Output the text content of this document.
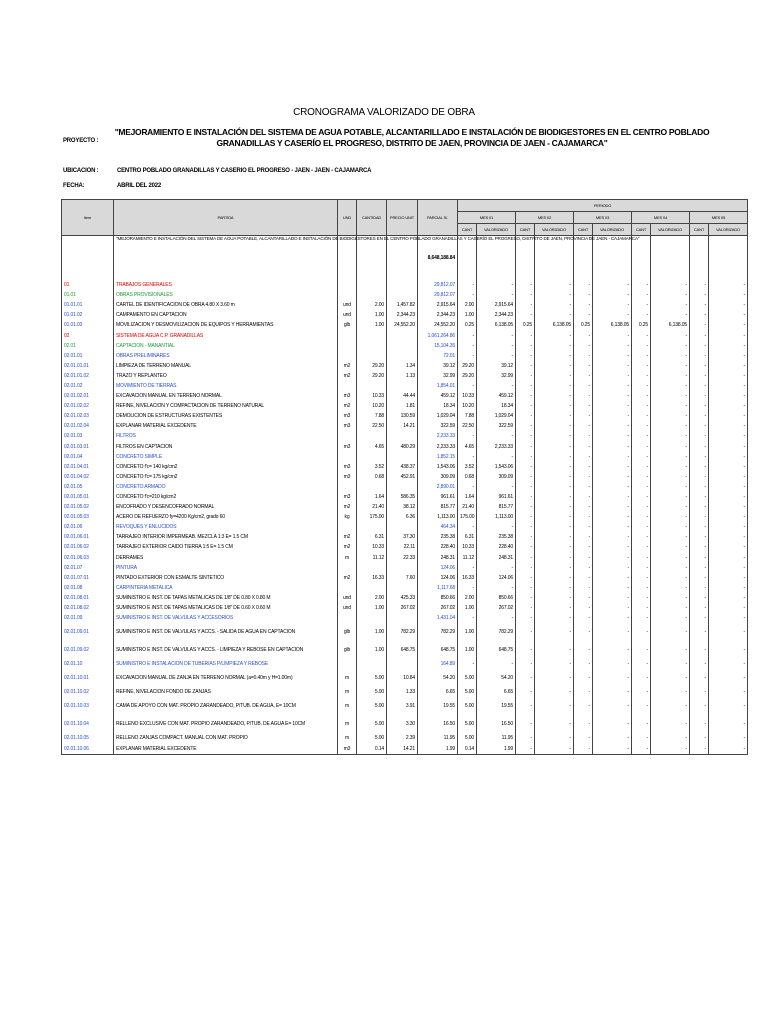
CRONOGRAMA VALORIZADO DE OBRA
PROYECTO :
"MEJORAMIENTO E INSTALACIÓN DEL SISTEMA DE AGUA POTABLE, ALCANTARILLADO E INSTALACIÓN DE BIODIGESTORES EN EL CENTRO POBLADO GRANADILLAS Y CASERÍO EL PROGRESO, DISTRITO DE JAEN, PROVINCIA DE JAEN - CAJAMARCA"
UBICACION :	CENTRO POBLADO GRANADILLAS Y CASERIO EL PROGRESO - JAEN - JAEN - CAJAMARCA
FECHA:	ABRIL DEL 2022
Item	PARTIDA	UND	CANTIDAD	PRECIO UNIT	PARCIAL S/.	PERIODO									
						MES 01		MES 02		MES 03		MES 04		MES 05	
						CANT	VALORIZADO	CANT	VALORIZADO	CANT	VALORIZADO	CANT	VALORIZADO	CANT	VALORIZADO
	"MEJORAMIENTO E INSTALACIÓN DEL SISTEMA DE AGUA POTABLE, ALCANTARILLADO E INSTALACIÓN DE BIODIGESTORES EN EL CENTRO POBLADO GRANADILLAS Y CASERÍO EL PROGRESO, DISTRITO DE JAEN, PROVINCIA DE JAEN - CAJAMARCA"				8,648,188.84										
01	TRABAJOS GENERALES				29,812.07	-	-	-	-	-	-	-	-	-	-
01.01	OBRAS PROVISIONALES				29,812.07	-	-	-	-	-	-	-	-	-	-
01.01.01	CARTEL DE IDENTIFICACION DE OBRA 4.80 X 3.60 m	und	2.00	1,457.82	2,915.64	2.00	2,915.64	-	-	-	-	-	-	-	-
01.01.02	CAMPAMENTO EN CAPTACION	und	1.00	2,344.23	2,344.23	1.00	2,344.23	-	-	-	-	-	-	-	-
01.01.03	MOVILIZACION Y DESMOVILIZACION DE EQUIPOS Y HERRAMIENTAS	glb	1.00	24,552.20	24,552.20	0.25	6,138.05	0.25	6,138.05	0.25	6,138.05	0.25	6,138.05	-	-
02	SISTEMA DE AGUA C.P. GRANADILLAS				1,061,264.86	-	-	-	-	-	-	-	-	-	-
02.01	CAPTACION - MANANTIAL				15,104.35	-	-	-	-	-	-	-	-	-	-
02.01.01	OBRAS PRELIMINARES				72.01	-	-	-	-	-	-	-	-	-	-
02.01.01.01	LIMPIEZA DE TERRENO MANUAL	m2	29.20	1.34	39.12	29.20	39.12	-	-	-	-	-	-	-	-
02.01.01.02	TRAZO Y REPLANTEO	m2	29.20	1.13	32.99	29.20	32.99	-	-	-	-	-	-	-	-
02.01.02	MOVIMIENTO DE TIERRAS				1,854.01	-	-	-	-	-	-	-	-	-	-
02.01.02.01	EXCAVACION MANUAL EN TERRENO NORMAL	m3	10.33	44.44	459.12	10.33	459.12	-	-	-	-	-	-	-	-
02.01.02.02	REFINE, NIVELACION Y COMPACTACION DE TERRENO NATURAL	m2	10.20	1.81	18.34	10.20	18.34	-	-	-	-	-	-	-	-
02.01.02.03	DEMOLICION DE ESTRUCTURAS EXISTENTES	m3	7.88	130.59	1,029.04	7.88	1,029.04	-	-	-	-	-	-	-	-
02.01.02.04	EXPLANAR MATERIAL EXCEDENTE	m3	22.50	14.21	322.59	22.50	322.59	-	-	-	-	-	-	-	-
02.01.03	FILTROS				2,233.33	-	-	-	-	-	-	-	-	-	-
02.01.03.01	FILTROS EN CAPTACION	m3	4.65	480.29	2,233.33	4.65	2,233.33	-	-	-	-	-	-	-	-
02.01.04	CONCRETO SIMPLE				1,852.15	-	-	-	-	-	-	-	-	-	-
02.01.04.01	CONCRETO f'c= 140 kg/cm2	m3	3.52	438.37	1,543.06	3.52	1,543.06	-	-	-	-	-	-	-	-
02.01.04.02	CONCRETO f'c= 175 kg/cm2	m3	0.68	452.91	309.09	0.68	309.09	-	-	-	-	-	-	-	-
02.01.05	CONCRETO ARMADO				2,890.01	-	-	-	-	-	-	-	-	-	-
02.01.05.01	CONCRETO f'c=210 kg/cm2	m3	1.64	586.35	961.61	1.64	961.61	-	-	-	-	-	-	-	-
02.01.05.02	ENCOFRADO Y DESENCOFRADO NORMAL	m2	21.40	38.12	815.77	21.40	815.77	-	-	-	-	-	-	-	-
02.01.05.03	ACERO DE REFUERZO fy=4200 Kg/cm2, grado 60	kg	175.00	6.36	1,113.00	175.00	1,113.00	-	-	-	-	-	-	-	-
02.01.06	REVOQUES Y ENLUCIDOS				464.34	-	-	-	-	-	-	-	-	-	-
02.01.06.01	TARRAJEO INTERIOR IMPERMEAB. MEZCLA 1:3 E= 1.5 CM	m2	6.31	37.30	235.38	6.31	235.38	-	-	-	-	-	-	-	-
02.01.06.02	TARRAJEO EXTERIOR CAIDO TIERRA 1:5 E= 1.5 CM	m2	10.33	22.11	228.40	10.33	228.40	-	-	-	-	-	-	-	-
02.01.06.03	DERRAMES	m	11.12	22.33	248.31	11.12	248.31	-	-	-	-	-	-	-	-
02.01.07	PINTURA				124.06	-	-	-	-	-	-	-	-	-	-
02.01.07.01	PINTADO EXTERIOR CON ESMALTE SINTETICO	m2	16.33	7.60	124.06	16.33	124.06	-	-	-	-	-	-	-	-
02.01.08	CARPINTERIA METALICA				1,117.68	-	-	-	-	-	-	-	-	-	-
02.01.08.01	SUMINISTRO E INST. DE TAPAS METALICAS DE 1/8" DE 0.80 X 0.80 M	und	2.00	425.33	850.66	2.00	850.66	-	-	-	-	-	-	-	-
02.01.08.02	SUMINISTRO E INST. DE TAPAS METALICAS DE 1/8" DE 0.60 X 0.60 M	und	1.00	267.02	267.02	1.00	267.02	-	-	-	-	-	-	-	-
02.01.09	SUMINISTRO E INST. DE VALVULAS Y ACCESORIOS				1,431.04	-	-	-	-	-	-	-	-	-	-
02.01.09.01	SUMINISTRO E INST. DE VALVULAS Y ACCS. - SALIDA DE AGUA EN CAPTACION	glb	1.00	782.29	782.29	1.00	782.29	-	-	-	-	-	-	-	-
02.01.09.02	SUMINISTRO E INST. DE VALVULAS Y ACCS. - LIMPIEZA Y REBOSE EN CAPTACION	glb	1.00	648.75	648.75	1.00	648.75	-	-	-	-	-	-	-	-
02.01.10	SUMINISTRO E INSTALACION DE TUBERIAS P/LIMPIEZA Y REBOSE				164.89	-	-	-	-	-	-	-	-	-	-
02.01.10.01	EXCAVACION MANUAL DE ZANJA EN TERRENO NORMAL (a=0.40m y H=1.00m)	m	5.00	10.84	54.20	5.00	54.20	-	-	-	-	-	-	-	-
02.01.10.02	REFINE, NIVELACION FONDO DE ZANJAS	m	5.00	1.33	6.65	5.00	6.65	-	-	-	-	-	-	-	-
02.01.10.03	CAMA DE APOYO CON MAT. PROPIO ZARANDEADO, P/TUB. DE AGUA, E= 10CM	m	5.00	3.91	19.55	5.00	19.55	-	-	-	-	-	-	-	-
02.01.10.04	RELLENO EXCLUSIVE CON MAT. PROPIO ZARANDEADO, P/TUB. DE AGUA E= 10CM	m	5.00	3.30	16.50	5.00	16.50	-	-	-	-	-	-	-	-
02.01.10.05	RELLENO ZANJAS COMPACT. MANUAL CON MAT. PROPIO	m	5.00	2.39	11.95	5.00	11.95	-	-	-	-	-	-	-	-
02.01.10.06	EXPLANAR MATERIAL EXCEDENTE	m3	0.14	14.21	1.99	0.14	1.99	-	-	-	-	-	-	-	-
